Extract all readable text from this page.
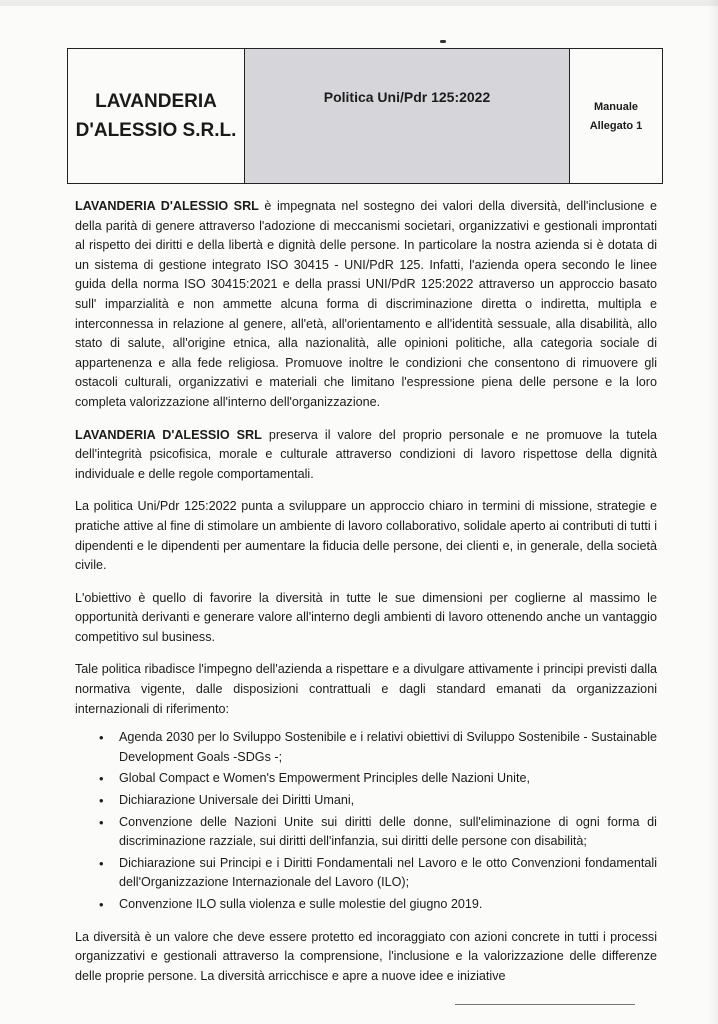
LAVANDERIA
D'ALESSIO S.R.L.
Politica Uni/Pdr 125:2022
Manuale
Allegato 1

LAVANDERIA D'ALESSIO SRL è impegnata nel sostegno dei valori della diversità, dell'inclusione e della parità di genere attraverso l'adozione di meccanismi societari, organizzativi e gestionali improntati al rispetto dei diritti e della libertà e dignità delle persone. In particolare la nostra azienda si è dotata di un sistema di gestione integrato ISO 30415 - UNI/PdR 125. Infatti, l'azienda opera secondo le linee guida della norma ISO 30415:2021 e della prassi UNI/PdR 125:2022 attraverso un approccio basato sull' imparzialità e non ammette alcuna forma di discriminazione diretta o indiretta, multipla e interconnessa in relazione al genere, all'età, all'orientamento e all'identità sessuale, alla disabilità, allo stato di salute, all'origine etnica, alla nazionalità, alle opinioni politiche, alla categoria sociale di appartenenza e alla fede religiosa. Promuove inoltre le condizioni che consentono di rimuovere gli ostacoli culturali, organizzativi e materiali che limitano l'espressione piena delle persone e la loro completa valorizzazione all'interno dell'organizzazione.

LAVANDERIA D'ALESSIO SRL preserva il valore del proprio personale e ne promuove la tutela dell'integrità psicofisica, morale e culturale attraverso condizioni di lavoro rispettose della dignità individuale e delle regole comportamentali.

La politica Uni/Pdr 125:2022 punta a sviluppare un approccio chiaro in termini di missione, strategie e pratiche attive al fine di stimolare un ambiente di lavoro collaborativo, solidale aperto ai contributi di tutti i dipendenti e le dipendenti per aumentare la fiducia delle persone, dei clienti e, in generale, della società civile.

L'obiettivo è quello di favorire la diversità in tutte le sue dimensioni per coglierne al massimo le opportunità derivanti e generare valore all'interno degli ambienti di lavoro ottenendo anche un vantaggio competitivo sul business.

Tale politica ribadisce l'impegno dell'azienda a rispettare e a divulgare attivamente i principi previsti dalla normativa vigente, dalle disposizioni contrattuali e dagli standard emanati da organizzazioni internazionali di riferimento:

• Agenda 2030 per lo Sviluppo Sostenibile e i relativi obiettivi di Sviluppo Sostenibile - Sustainable Development Goals -SDGs -;
• Global Compact e Women's Empowerment Principles delle Nazioni Unite,
• Dichiarazione Universale dei Diritti Umani,
• Convenzione delle Nazioni Unite sui diritti delle donne, sull'eliminazione di ogni forma di discriminazione razziale, sui diritti dell'infanzia, sui diritti delle persone con disabilità;
• Dichiarazione sui Principi e i Diritti Fondamentali nel Lavoro e le otto Convenzioni fondamentali dell'Organizzazione Internazionale del Lavoro (ILO);
• Convenzione ILO sulla violenza e sulle molestie del giugno 2019.

La diversità è un valore che deve essere protetto ed incoraggiato con azioni concrete in tutti i processi organizzativi e gestionali attraverso la comprensione, l'inclusione e la valorizzazione delle differenze delle proprie persone. La diversità arricchisce e apre a nuove idee e iniziative
